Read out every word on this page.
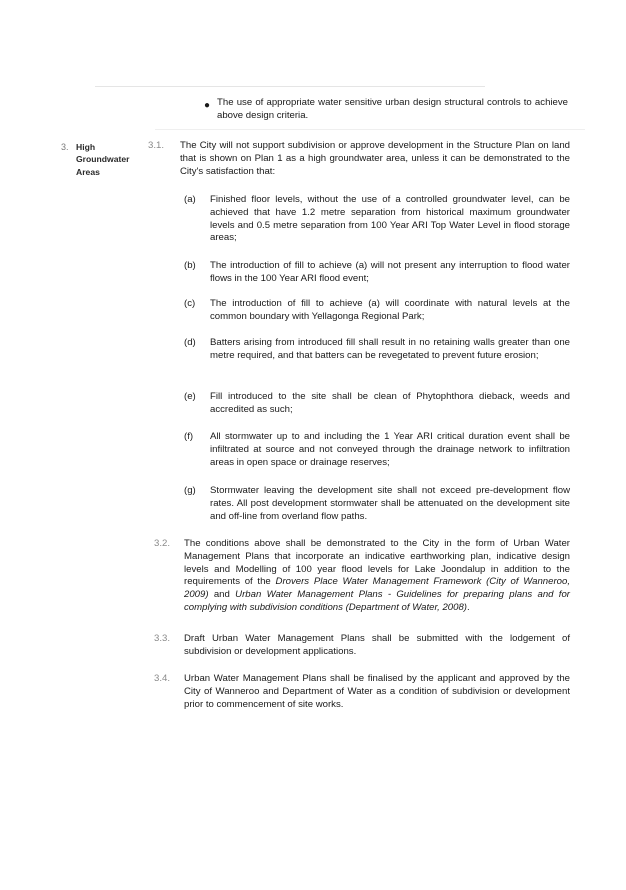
● The use of appropriate water sensitive urban design structural controls to achieve above design criteria.

3. High
Groundwater
Areas
3.1. The City will not support subdivision or approve development in the Structure Plan on land that is shown on Plan 1 as a high groundwater area, unless it can be demonstrated to the City's satisfaction that:

(a) Finished floor levels, without the use of a controlled groundwater level, can be achieved that have 1.2 metre separation from historical maximum groundwater levels and 0.5 metre separation from 100 Year ARI Top Water Level in flood storage areas;

(b) The introduction of fill to achieve (a) will not present any interruption to flood water flows in the 100 Year ARI flood event;

(c) The introduction of fill to achieve (a) will coordinate with natural levels at the common boundary with Yellagonga Regional Park;

(d) Batters arising from introduced fill shall result in no retaining walls greater than one metre required, and that batters can be revegetated to prevent future erosion;

(e) Fill introduced to the site shall be clean of Phytophthora dieback, weeds and accredited as such;

(f) All stormwater up to and including the 1 Year ARI critical duration event shall be infiltrated at source and not conveyed through the drainage network to infiltration areas in open space or drainage reserves;

(g) Stormwater leaving the development site shall not exceed pre-development flow rates. All post development stormwater shall be attenuated on the development site and off-line from overland flow paths.

3.2. The conditions above shall be demonstrated to the City in the form of Urban Water Management Plans that incorporate an indicative earthworking plan, indicative design levels and Modelling of 100 year flood levels for Lake Joondalup in addition to the requirements of the Drovers Place Water Management Framework (City of Wanneroo, 2009) and Urban Water Management Plans - Guidelines for preparing plans and for complying with subdivision conditions (Department of Water, 2008).

3.3. Draft Urban Water Management Plans shall be submitted with the lodgement of subdivision or development applications.

3.4. Urban Water Management Plans shall be finalised by the applicant and approved by the City of Wanneroo and Department of Water as a condition of subdivision or development prior to commencement of site works.
